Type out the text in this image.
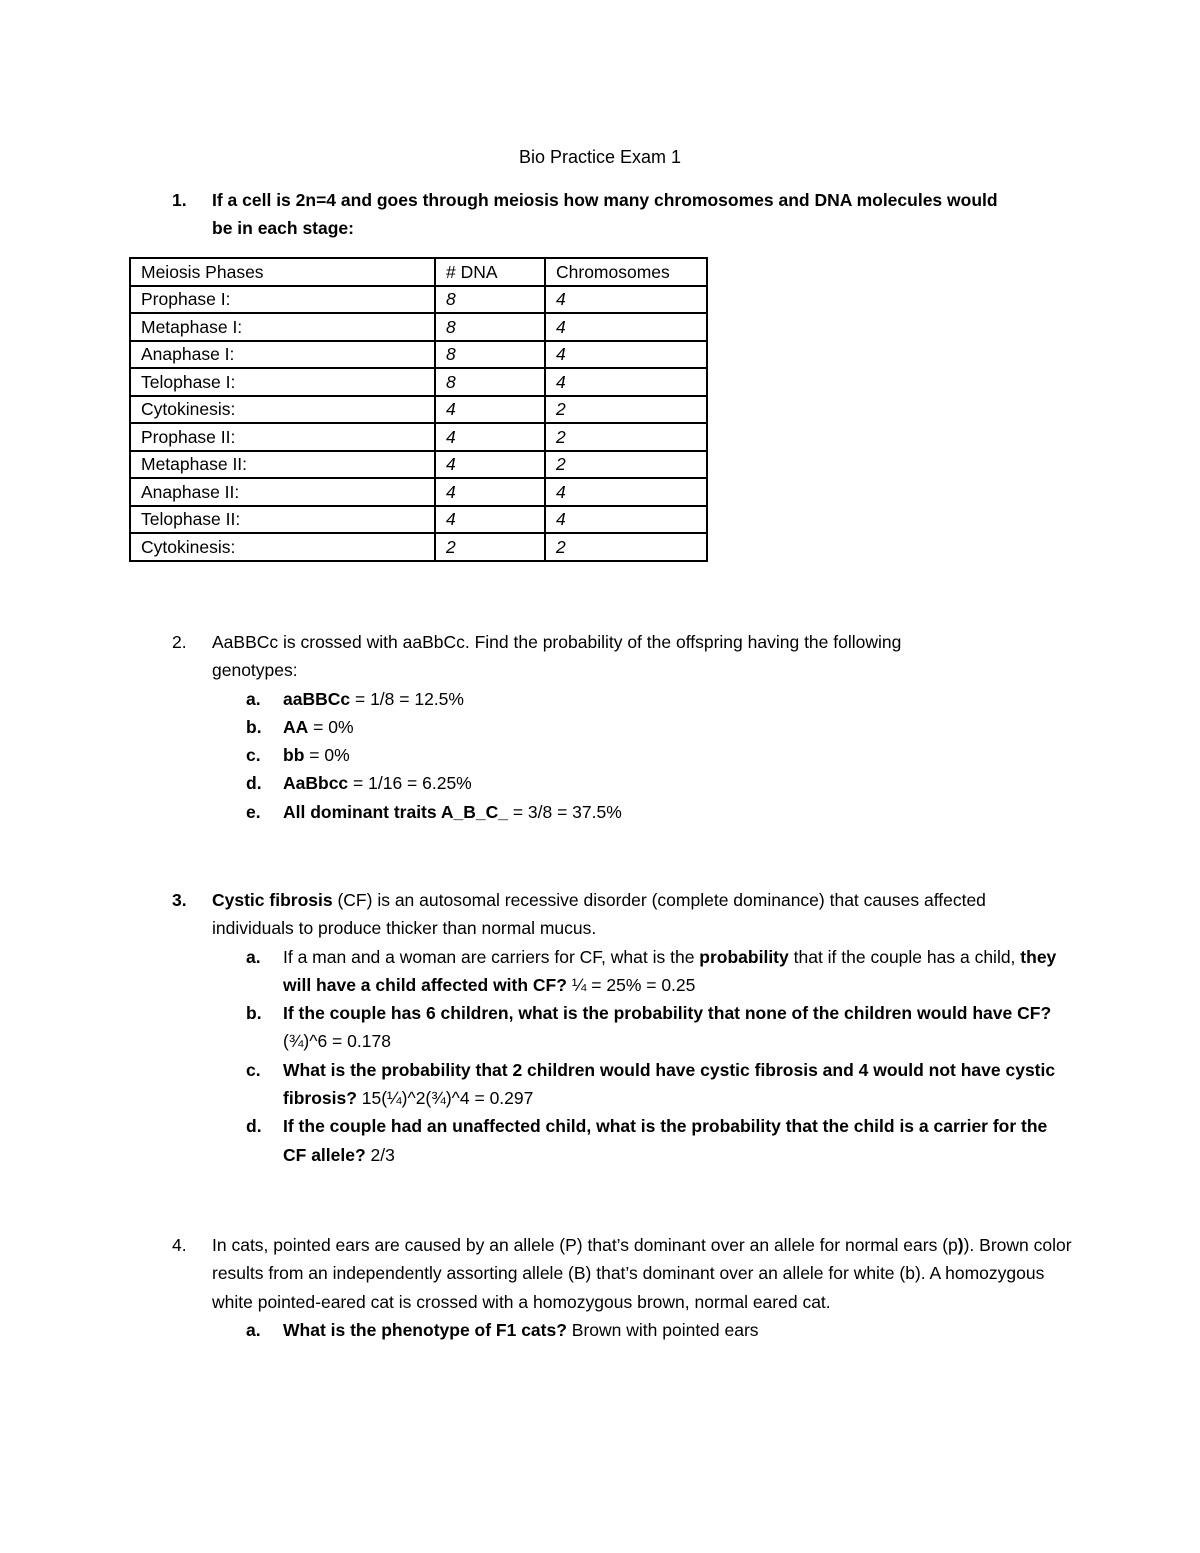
Bio Practice Exam 1
1.	If a cell is 2n=4 and goes through meiosis how many chromosomes and DNA molecules would
be in each stage:
Meiosis Phases	# DNA	Chromosomes
Prophase I:	8	4
Metaphase I:	8	4
Anaphase I:	8	4
Telophase I:	8	4
Cytokinesis:	4	2
Prophase II:	4	2
Metaphase II:	4	2
Anaphase II:	4	4
Telophase II:	4	4
Cytokinesis:	2	2
2.	AaBBCc is crossed with aaBbCc. Find the probability of the offspring having the following
genotypes:
a. aaBBCc = 1/8 = 12.5%
b. AA = 0%
c. bb = 0%
d. AaBbcc = 1/16 = 6.25%
e. All dominant traits A_B_C_ = 3/8 = 37.5%
3.	Cystic fibrosis (CF) is an autosomal recessive disorder (complete dominance) that causes affected individuals to produce thicker than normal mucus.
a. If a man and a woman are carriers for CF, what is the probability that if the couple has a child, they will have a child affected with CF? ¼ = 25% = 0.25
b. If the couple has 6 children, what is the probability that none of the children would have CF? (¾)^6 = 0.178
c. What is the probability that 2 children would have cystic fibrosis and 4 would not have cystic fibrosis? 15(¼)^2(¾)^4 = 0.297
d. If the couple had an unaffected child, what is the probability that the child is a carrier for the CF allele? 2/3
4.	In cats, pointed ears are caused by an allele (P) that’s dominant over an allele for normal ears (p)). Brown color results from an independently assorting allele (B) that’s dominant over an allele for white (b). A homozygous white pointed-eared cat is crossed with a homozygous brown, normal eared cat.
a. What is the phenotype of F1 cats? Brown with pointed ears
